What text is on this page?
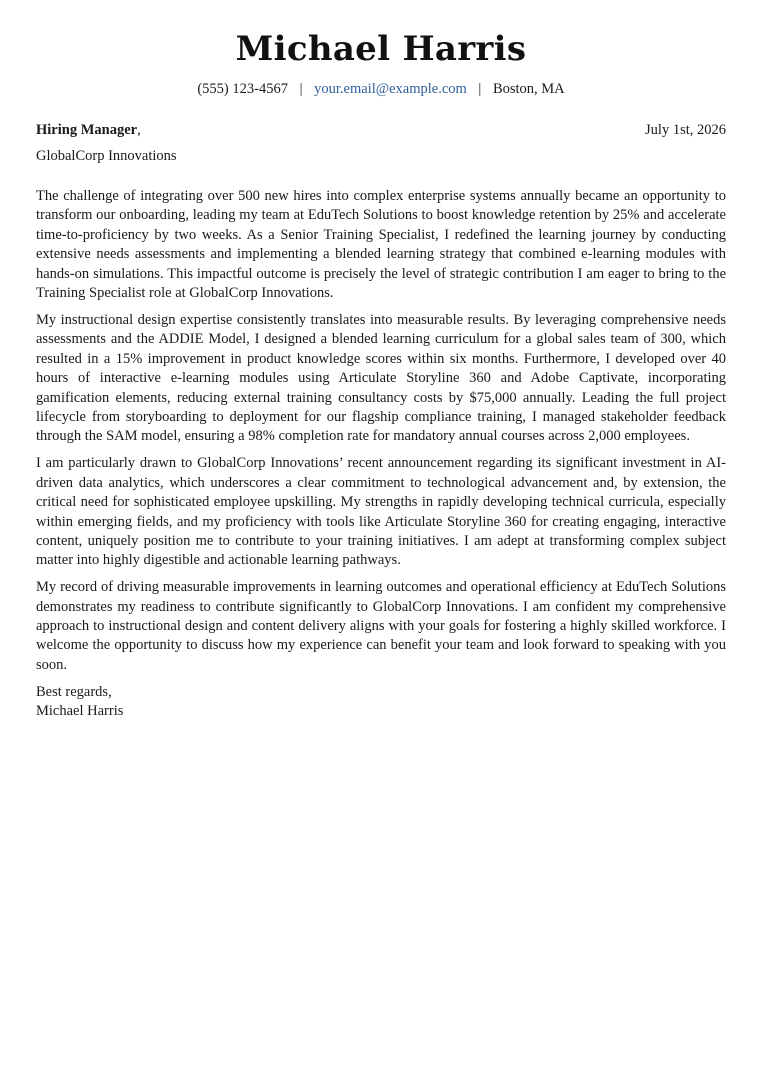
Michael Harris
(555) 123-4567 | your.email@example.com | Boston, MA
Hiring Manager,	July 1st, 2026
GlobalCorp Innovations

The challenge of integrating over 500 new hires into complex enterprise systems annually became an opportunity to transform our onboarding, leading my team at EduTech Solutions to boost knowledge retention by 25% and accelerate time-to-proficiency by two weeks. As a Senior Training Specialist, I redefined the learning journey by conducting extensive needs assessments and implementing a blended learning strategy that combined e-learning modules with hands-on simulations. This impactful outcome is precisely the level of strategic contribution I am eager to bring to the Training Specialist role at GlobalCorp Innovations.

My instructional design expertise consistently translates into measurable results. By leveraging comprehensive needs assessments and the ADDIE Model, I designed a blended learning curriculum for a global sales team of 300, which resulted in a 15% improvement in product knowledge scores within six months. Furthermore, I developed over 40 hours of interactive e-learning modules using Articulate Storyline 360 and Adobe Captivate, incorporating gamification elements, reducing external training consultancy costs by $75,000 annually. Leading the full project lifecycle from storyboarding to deployment for our flagship compliance training, I managed stakeholder feedback through the SAM model, ensuring a 98% completion rate for mandatory annual courses across 2,000 employees.

I am particularly drawn to GlobalCorp Innovations’ recent announcement regarding its significant investment in AI-driven data analytics, which underscores a clear commitment to technological advancement and, by extension, the critical need for sophisticated employee upskilling. My strengths in rapidly developing technical curricula, especially within emerging fields, and my proficiency with tools like Articulate Storyline 360 for creating engaging, interactive content, uniquely position me to contribute to your training initiatives. I am adept at transforming complex subject matter into highly digestible and actionable learning pathways.

My record of driving measurable improvements in learning outcomes and operational efficiency at EduTech Solutions demonstrates my readiness to contribute significantly to GlobalCorp Innovations. I am confident my comprehensive approach to instructional design and content delivery aligns with your goals for fostering a highly skilled workforce. I welcome the opportunity to discuss how my experience can benefit your team and look forward to speaking with you soon.

Best regards,
Michael Harris
